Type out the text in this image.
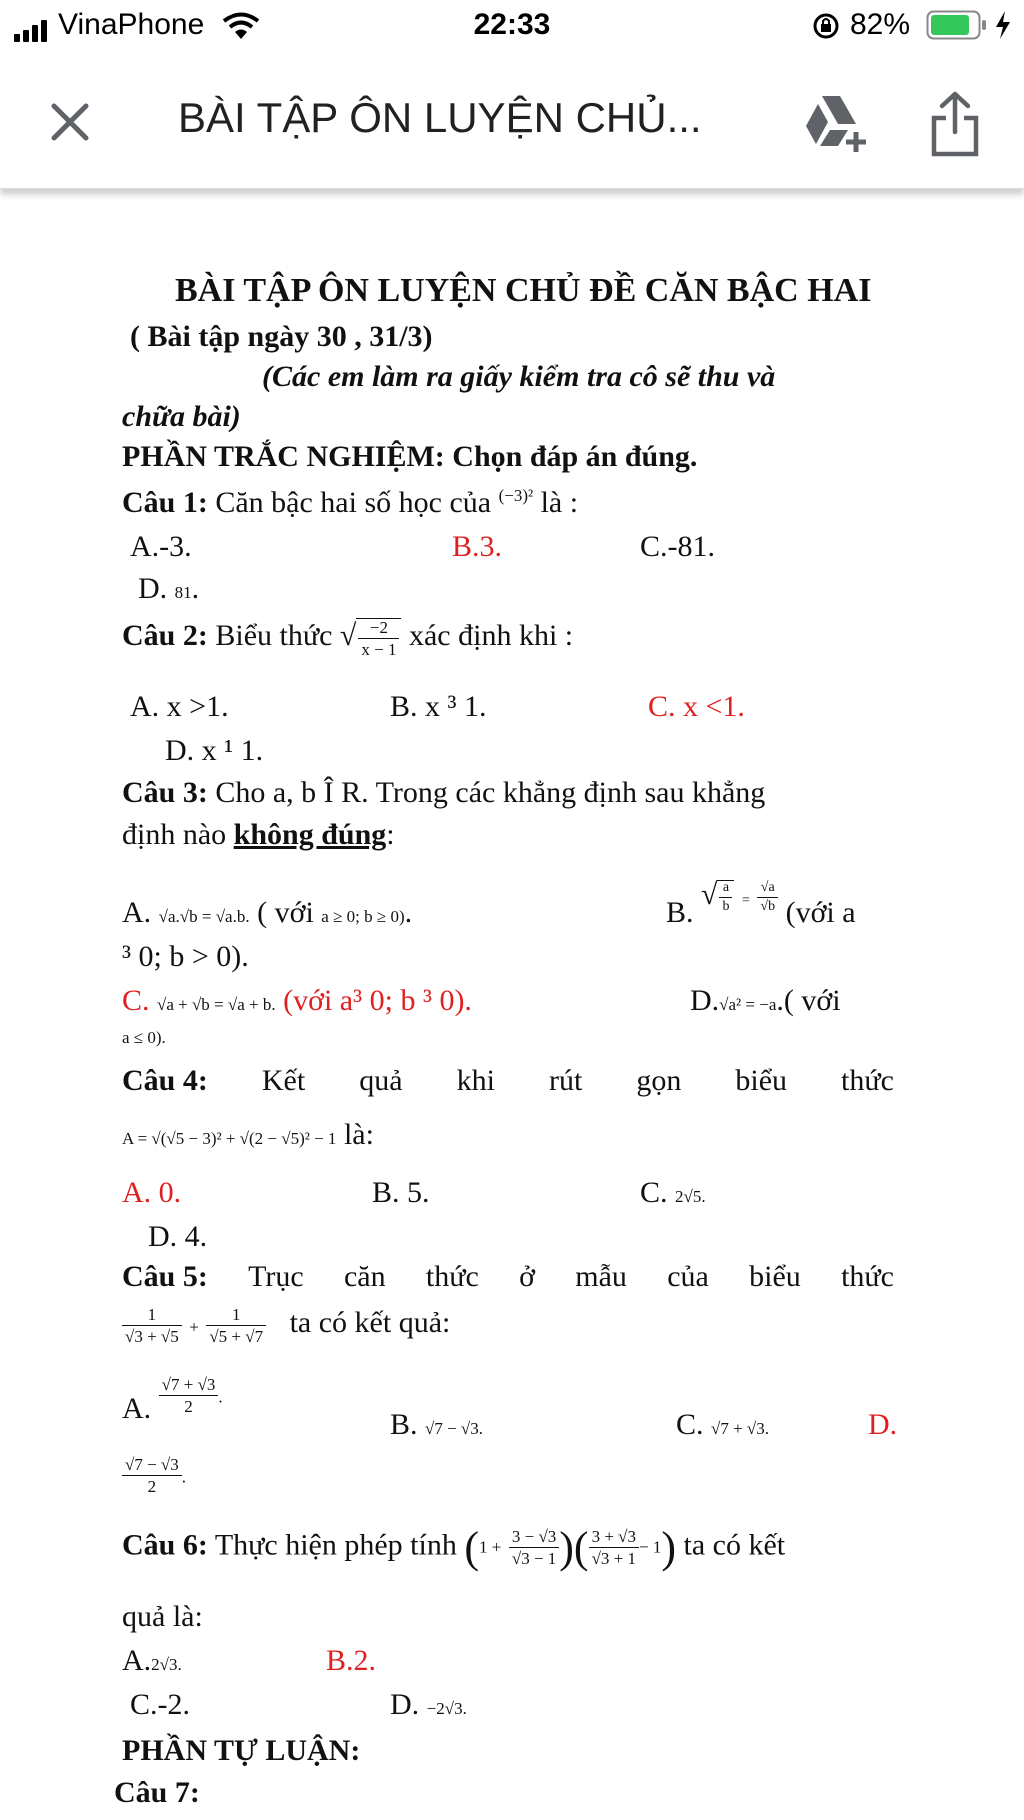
VinaPhone	22:33	82%
BÀI TẬP ÔN LUYỆN CHỦ...
BÀI TẬP ÔN LUYỆN CHỦ ĐỀ CĂN BẬC HAI
( Bài tập ngày 30 , 31/3)
(Các em làm ra giấy kiểm tra cô sẽ thu và
chữa bài)
PHẦN TRẮC NGHIỆM: Chọn đáp án đúng.
Câu 1: Căn bậc hai số học của $^{(-3)^2}$ là :
A.-3.	B.3.	C.-81.
D. 81.
Câu 2: Biểu thức √ $\frac{-2}{x - 1}$ xác định khi :
A. x >1.	B. x ³ 1.	C. x <1.
D. x ¹ 1.
Câu 3: Cho a, b Î R. Trong các khẳng định sau khẳng
định nào không đúng:
A. √a.√b = √a.b. ( với a ≥ 0; b ≥ 0).	B. √ $\frac{a}{b} = \frac{√a}{√b}$ (với a
³ 0; b > 0).
C. √a + √b = √a + b. (với a³ 0; b ³ 0).	D.√a² = −a.( với
a ≤ 0).
Câu 4: Kết quả khi rút gọn biểu thức
A = √(√5 − 3)² + √(2 − √5)² − 1 là:
A. 0.	B. 5.	C. 2√5.
D. 4.
Câu 5: Trục căn thức ở mẫu của biểu thức
$\frac{1}{√3 + √5} + \frac{1}{√5 + √7}$ ta có kết quả:
A. $\frac{√7 + √3}{2}$ .
B. √7 − √3.	C. √7 + √3.	D.
$\frac{√7 - √3}{2}$ .
Câu 6: Thực hiện phép tính ($1 + \frac{3 - √3}{√3 - 1}$ )( $\frac{3 + √3}{√3 + 1} - 1$) ta có kết
quả là:
A.2√3.	B.2.
C.-2.	D. −2√3.
PHẦN TỰ LUẬN:
Câu 7:
